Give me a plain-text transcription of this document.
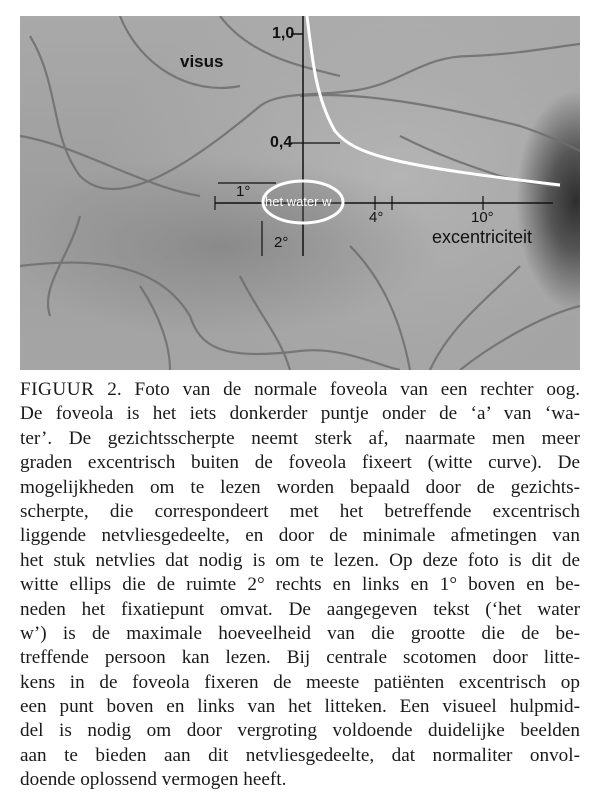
visus
1,0
0,4
1°
2°
het water w
4°	10°
excentriciteit
FIGUUR 2. Foto van de normale foveola van een rechter oog.
De foveola is het iets donkerder puntje onder de ‘a’ van ‘wa-
ter’. De gezichtsscherpte neemt sterk af, naarmate men meer
graden excentrisch buiten de foveola fixeert (witte curve). De
mogelijkheden om te lezen worden bepaald door de gezichts-
scherpte, die correspondeert met het betreffende excentrisch
liggende netvliesgedeelte, en door de minimale afmetingen van
het stuk netvlies dat nodig is om te lezen. Op deze foto is dit de
witte ellips die de ruimte 2° rechts en links en 1° boven en be-
neden het fixatiepunt omvat. De aangegeven tekst (‘het water
w’) is de maximale hoeveelheid van die grootte die de be-
treffende persoon kan lezen. Bij centrale scotomen door litte-
kens in de foveola fixeren de meeste patiënten excentrisch op
een punt boven en links van het litteken. Een visueel hulpmid-
del is nodig om door vergroting voldoende duidelijke beelden
aan te bieden aan dit netvliesgedeelte, dat normaliter onvol-
doende oplossend vermogen heeft.
